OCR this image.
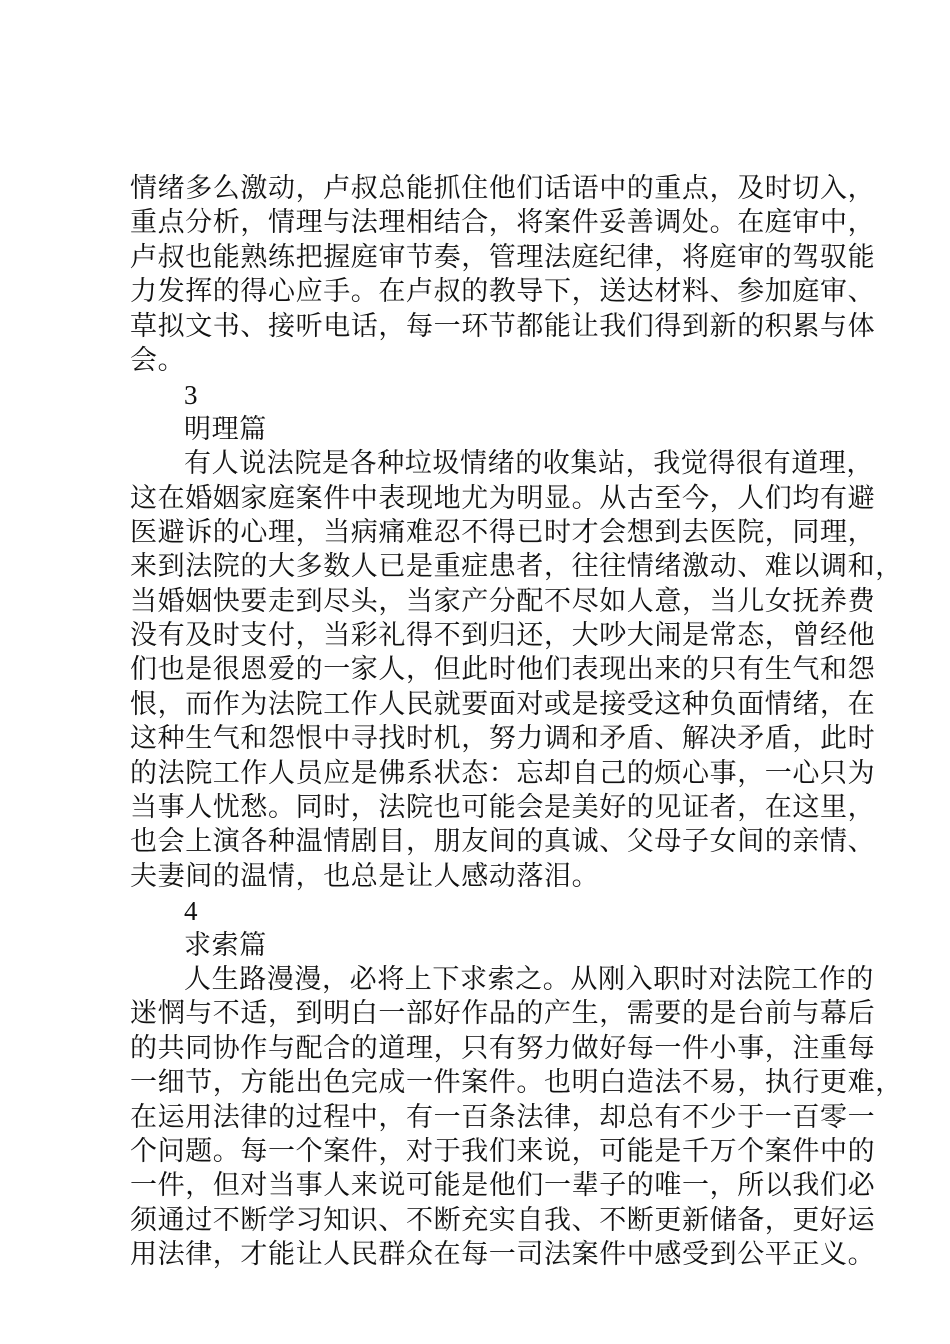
情绪多么激动，卢叔总能抓住他们话语中的重点，及时切入，
重点分析，情理与法理相结合，将案件妥善调处。在庭审中，
卢叔也能熟练把握庭审节奏，管理法庭纪律，将庭审的驾驭能
力发挥的得心应手。在卢叔的教导下，送达材料、参加庭审、
草拟文书、接听电话，每一环节都能让我们得到新的积累与体
会。
3
明理篇
有人说法院是各种垃圾情绪的收集站，我觉得很有道理，
这在婚姻家庭案件中表现地尤为明显。从古至今，人们均有避
医避诉的心理，当病痛难忍不得已时才会想到去医院，同理，
来到法院的大多数人已是重症患者，往往情绪激动、难以调和，
当婚姻快要走到尽头，当家产分配不尽如人意，当儿女抚养费
没有及时支付，当彩礼得不到归还，大吵大闹是常态，曾经他
们也是很恩爱的一家人，但此时他们表现出来的只有生气和怨
恨，而作为法院工作人民就要面对或是接受这种负面情绪，在
这种生气和怨恨中寻找时机，努力调和矛盾、解决矛盾，此时
的法院工作人员应是佛系状态：忘却自己的烦心事，一心只为
当事人忧愁。同时，法院也可能会是美好的见证者，在这里，
也会上演各种温情剧目，朋友间的真诚、父母子女间的亲情、
夫妻间的温情，也总是让人感动落泪。
4
求索篇
人生路漫漫，必将上下求索之。从刚入职时对法院工作的
迷惘与不适，到明白一部好作品的产生，需要的是台前与幕后
的共同协作与配合的道理，只有努力做好每一件小事，注重每
一细节，方能出色完成一件案件。也明白造法不易，执行更难，
在运用法律的过程中，有一百条法律，却总有不少于一百零一
个问题。每一个案件，对于我们来说，可能是千万个案件中的
一件，但对当事人来说可能是他们一辈子的唯一，所以我们必
须通过不断学习知识、不断充实自我、不断更新储备，更好运
用法律，才能让人民群众在每一司法案件中感受到公平正义。
